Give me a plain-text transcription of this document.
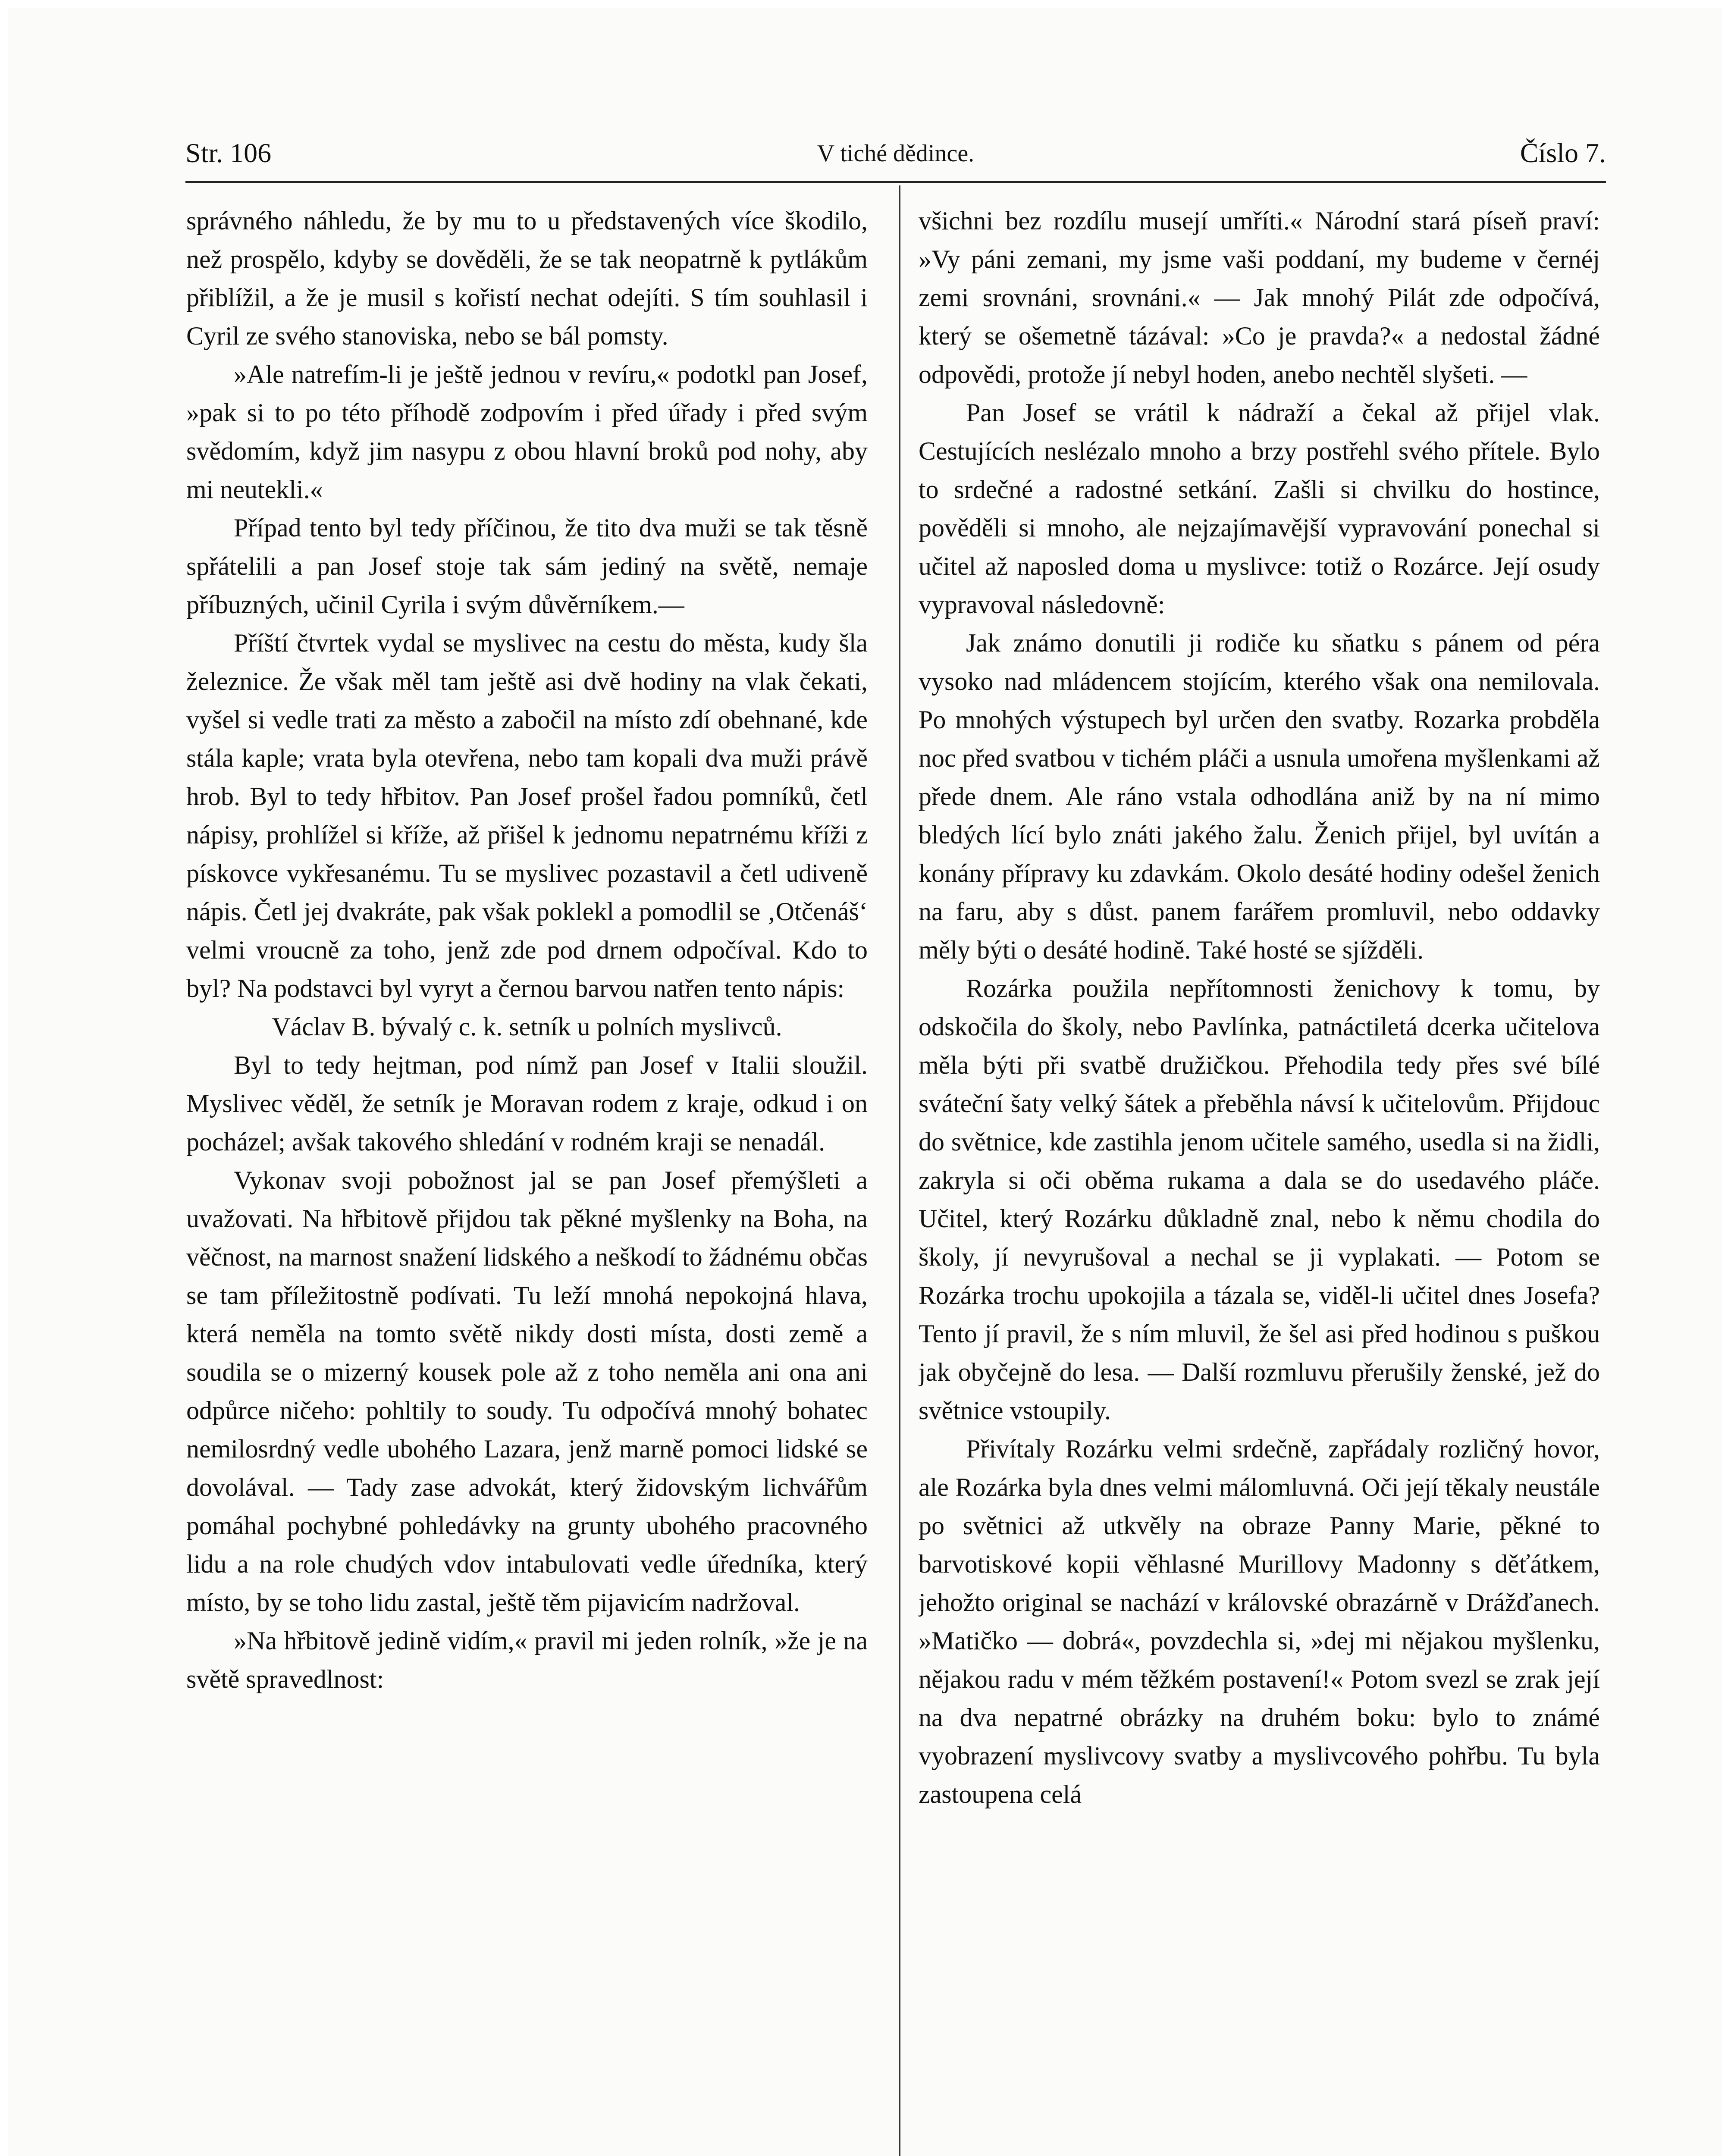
Str. 106	V tiché dědince.	Číslo 7.

správného náhledu, že by mu to u představených více škodilo, než prospělo, kdyby se dověděli, že se tak neopatrně k pytlákům přiblížil, a že je musil s kořistí nechat odejíti. S tím souhlasil i Cyril ze svého stanoviska, nebo se bál pomsty.

»Ale natrefím-li je ještě jednou v revíru,« podotkl pan Josef, »pak si to po této příhodě zodpovím i před úřady i před svým svědomím, když jim nasypu z obou hlavní broků pod nohy, aby mi neutekli.«

Případ tento byl tedy příčinou, že tito dva muži se tak těsně spřátelili a pan Josef stoje tak sám jediný na světě, nemaje příbuzných, učinil Cyrila i svým důvěrníkem.—

Příští čtvrtek vydal se myslivec na cestu do města, kudy šla železnice. Že však měl tam ještě asi dvě hodiny na vlak čekati, vyšel si vedle trati za město a zabočil na místo zdí obehnané, kde stála kaple; vrata byla otevřena, nebo tam kopali dva muži právě hrob. Byl to tedy hřbitov. Pan Josef prošel řadou pomníků, četl nápisy, prohlížel si kříže, až přišel k jednomu nepatrnému kříži z pískovce vykřesanému. Tu se myslivec pozastavil a četl udiveně nápis. Četl jej dvakráte, pak však poklekl a pomodlil se ‚Otčenáš‘ velmi vroucně za toho, jenž zde pod drnem odpočíval. Kdo to byl? Na podstavci byl vyryt a černou barvou natřen tento nápis:

Václav B. bývalý c. k. setník u polních myslivců.

Byl to tedy hejtman, pod nímž pan Josef v Italii sloužil. Myslivec věděl, že setník je Moravan rodem z kraje, odkud i on pocházel; avšak takového shledání v rodném kraji se nenadál.

Vykonav svoji pobožnost jal se pan Josef přemýšleti a uvažovati. Na hřbitově přijdou tak pěkné myšlenky na Boha, na věčnost, na marnost snažení lidského a neškodí to žádnému občas se tam příležitostně podívati. Tu leží mnohá nepokojná hlava, která neměla na tomto světě nikdy dosti místa, dosti země a soudila se o mizerný kousek pole až z toho neměla ani ona ani odpůrce ničeho: pohltily to soudy. Tu odpočívá mnohý bohatec nemilosrdný vedle ubohého Lazara, jenž marně pomoci lidské se dovolával. — Tady zase advokát, který židovským lichvářům pomáhal pochybné pohledávky na grunty ubohého pracovného lidu a na role chudých vdov intabulovati vedle úředníka, který místo, by se toho lidu zastal, ještě těm pijavicím nadržoval.

»Na hřbitově jedině vidím,« pravil mi jeden rolník, »že je na světě spravedlnost:

všichni bez rozdílu musejí umříti.« Národní stará píseň praví: »Vy páni zemani, my jsme vaši poddaní, my budeme v černéj zemi srovnáni, srovnáni.« — Jak mnohý Pilát zde odpočívá, který se ošemetně tázával: »Co je pravda?« a nedostal žádné odpovědi, protože jí nebyl hoden, anebo nechtěl slyšeti. —

Pan Josef se vrátil k nádraží a čekal až přijel vlak. Cestujících neslézalo mnoho a brzy postřehl svého přítele. Bylo to srdečné a radostné setkání. Zašli si chvilku do hostince, pověděli si mnoho, ale nejzajímavější vypravování ponechal si učitel až naposled doma u myslivce: totiž o Rozárce. Její osudy vypravoval následovně:

Jak známo donutili ji rodiče ku sňatku s pánem od péra vysoko nad mládencem stojícím, kterého však ona nemilovala. Po mnohých výstupech byl určen den svatby. Rozarka probděla noc před svatbou v tichém pláči a usnula umořena myšlenkami až přede dnem. Ale ráno vstala odhodlána aniž by na ní mimo bledých lící bylo znáti jakého žalu. Ženich přijel, byl uvítán a konány přípravy ku zdavkám. Okolo desáté hodiny odešel ženich na faru, aby s důst. panem farářem promluvil, nebo oddavky měly býti o desáté hodině. Také hosté se sjížděli.

Rozárka použila nepřítomnosti ženichovy k tomu, by odskočila do školy, nebo Pavlínka, patnáctiletá dcerka učitelova měla býti při svatbě družičkou. Přehodila tedy přes své bílé sváteční šaty velký šátek a přeběhla návsí k učitelovům. Přijdouc do světnice, kde zastihla jenom učitele samého, usedla si na židli, zakryla si oči oběma rukama a dala se do usedavého pláče. Učitel, který Rozárku důkladně znal, nebo k němu chodila do školy, jí nevyrušoval a nechal se ji vyplakati. — Potom se Rozárka trochu upokojila a tázala se, viděl-li učitel dnes Josefa? Tento jí pravil, že s ním mluvil, že šel asi před hodinou s puškou jak obyčejně do lesa. — Další rozmluvu přerušily ženské, jež do světnice vstoupily.

Přivítaly Rozárku velmi srdečně, zapřádaly rozličný hovor, ale Rozárka byla dnes velmi málomluvná. Oči její těkaly neustále po světnici až utkvěly na obraze Panny Marie, pěkné to barvotiskové kopii věhlasné Murillovy Madonny s děťátkem, jehožto original se nachází v královské obrazárně v Drážďanech. »Matičko — dobrá«, povzdechla si, »dej mi nějakou myšlenku, nějakou radu v mém těžkém postavení!« Potom svezl se zrak její na dva nepatrné obrázky na druhém boku: bylo to známé vyobrazení myslivcovy svatby a myslivcového pohřbu. Tu byla zastoupena celá
